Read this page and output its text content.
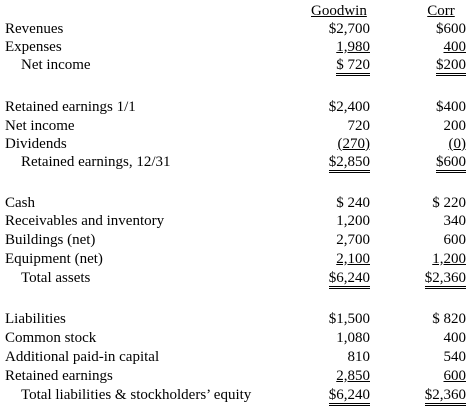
Goodwin	Corr
Revenues	$2,700	$600
Expenses	1,980	400
Net income	$ 720	$200
Retained earnings 1/1	$2,400	$400
Net income	720	200
Dividends	(270)	(0)
Retained earnings, 12/31	$2,850	$600
Cash	$ 240	$ 220
Receivables and inventory	1,200	340
Buildings (net)	2,700	600
Equipment (net)	2,100	1,200
Total assets	$6,240	$2,360
Liabilities	$1,500	$ 820
Common stock	1,080	400
Additional paid-in capital	810	540
Retained earnings	2,850	600
Total liabilities & stockholders’ equity	$6,240	$2,360
